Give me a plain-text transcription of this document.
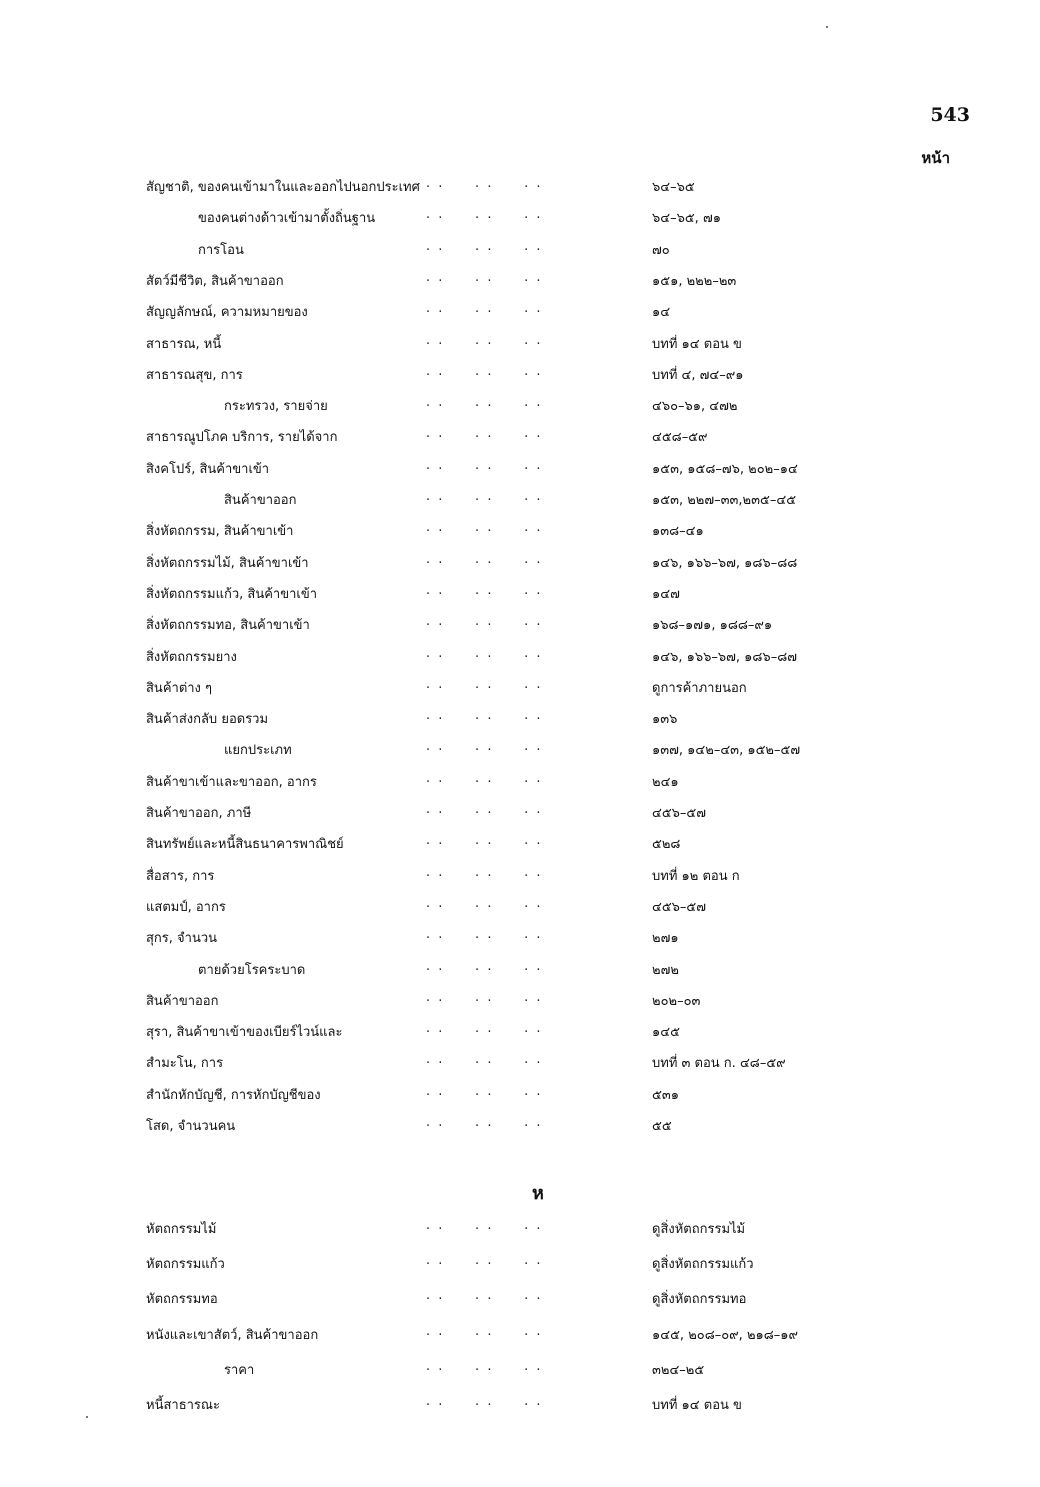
543
หน้า
สัญชาติ, ของคนเข้ามาในและออกไปนอกประเทศ . .     . .     . .	๖๔–๖๕
ของคนต่างด้าวเข้ามาตั้งถิ่นฐาน	. .     . .     . .	๖๔–๖๕, ๗๑
การโอน	. .     . .     . .	๗๐
สัตว์มีชีวิต, สินค้าขาออก	. .     . .     . .	๑๕๑, ๒๒๒–๒๓
สัญญลักษณ์, ความหมายของ	. .     . .     . .	๑๔
สาธารณ, หนี้	. .     . .     . .	บทที่ ๑๔ ตอน ข
สาธารณสุข, การ	. .     . .     . .	บทที่ ๔, ๗๔–๙๑
กระทรวง, รายจ่าย	. .     . .     . .	๔๖๐–๖๑, ๔๗๒
สาธารณูปโภค บริการ, รายได้จาก	. .     . .     . .	๔๕๘–๕๙
สิงคโปร์, สินค้าขาเข้า	. .     . .     . .	๑๕๓, ๑๕๘–๗๖, ๒๐๒–๑๔
สินค้าขาออก	. .     . .     . .	๑๕๓, ๒๒๗–๓๓,๒๓๕–๔๕
สิ่งหัตถกรรม, สินค้าขาเข้า	. .     . .     . .	๑๓๘–๔๑
สิ่งหัตถกรรมไม้, สินค้าขาเข้า	. .     . .     . .	๑๔๖, ๑๖๖–๖๗, ๑๘๖–๘๘
สิ่งหัตถกรรมแก้ว, สินค้าขาเข้า	. .     . .     . .	๑๔๗
สิ่งหัตถกรรมทอ, สินค้าขาเข้า	. .     . .     . .	๑๖๘–๑๗๑, ๑๘๘–๙๑
สิ่งหัตถกรรมยาง	. .     . .     . .	๑๔๖, ๑๖๖–๖๗, ๑๘๖–๘๗
สินค้าต่าง ๆ	. .     . .     . .	ดูการค้าภายนอก
สินค้าส่งกลับ ยอดรวม	. .     . .     . .	๑๓๖
แยกประเภท	. .     . .     . .	๑๓๗, ๑๔๒–๔๓, ๑๕๒–๕๗
สินค้าขาเข้าและขาออก, อากร	. .     . .     . .	๒๔๑
สินค้าขาออก, ภาษี	. .     . .     . .	๔๕๖–๕๗
สินทรัพย์และหนี้สินธนาคารพาณิชย์	. .     . .     . .	๕๒๘
สื่อสาร, การ	. .     . .     . .	บทที่ ๑๒ ตอน ก
แสตมป์, อากร	. .     . .     . .	๔๕๖–๕๗
สุกร, จำนวน	. .     . .     . .	๒๗๑
ตายด้วยโรคระบาด	. .     . .     . .	๒๗๒
สินค้าขาออก	. .     . .     . .	๒๐๒–๐๓
สุรา, สินค้าขาเข้าของเบียร์ไวน์และ	. .     . .     . .	๑๔๕
สำมะโน, การ	. .     . .     . .	บทที่ ๓ ตอน ก. ๔๘–๕๙
สำนักหักบัญชี, การหักบัญชีของ	. .     . .     . .	๕๓๑
โสด, จำนวนคน	. .     . .     . .	๕๕
ห
หัตถกรรมไม้	. .     . .     . .	ดูสิ่งหัตถกรรมไม้
หัตถกรรมแก้ว	. .     . .     . .	ดูสิ่งหัตถกรรมแก้ว
หัตถกรรมทอ	. .     . .     . .	ดูสิ่งหัตถกรรมทอ
หนังและเขาสัตว์, สินค้าขาออก	. .     . .     . .	๑๔๕, ๒๐๘–๐๙, ๒๑๘–๑๙
ราคา	. .     . .     . .	๓๒๔–๒๕
หนี้สาธารณะ	. .     . .     . .	บทที่ ๑๔ ตอน ข
